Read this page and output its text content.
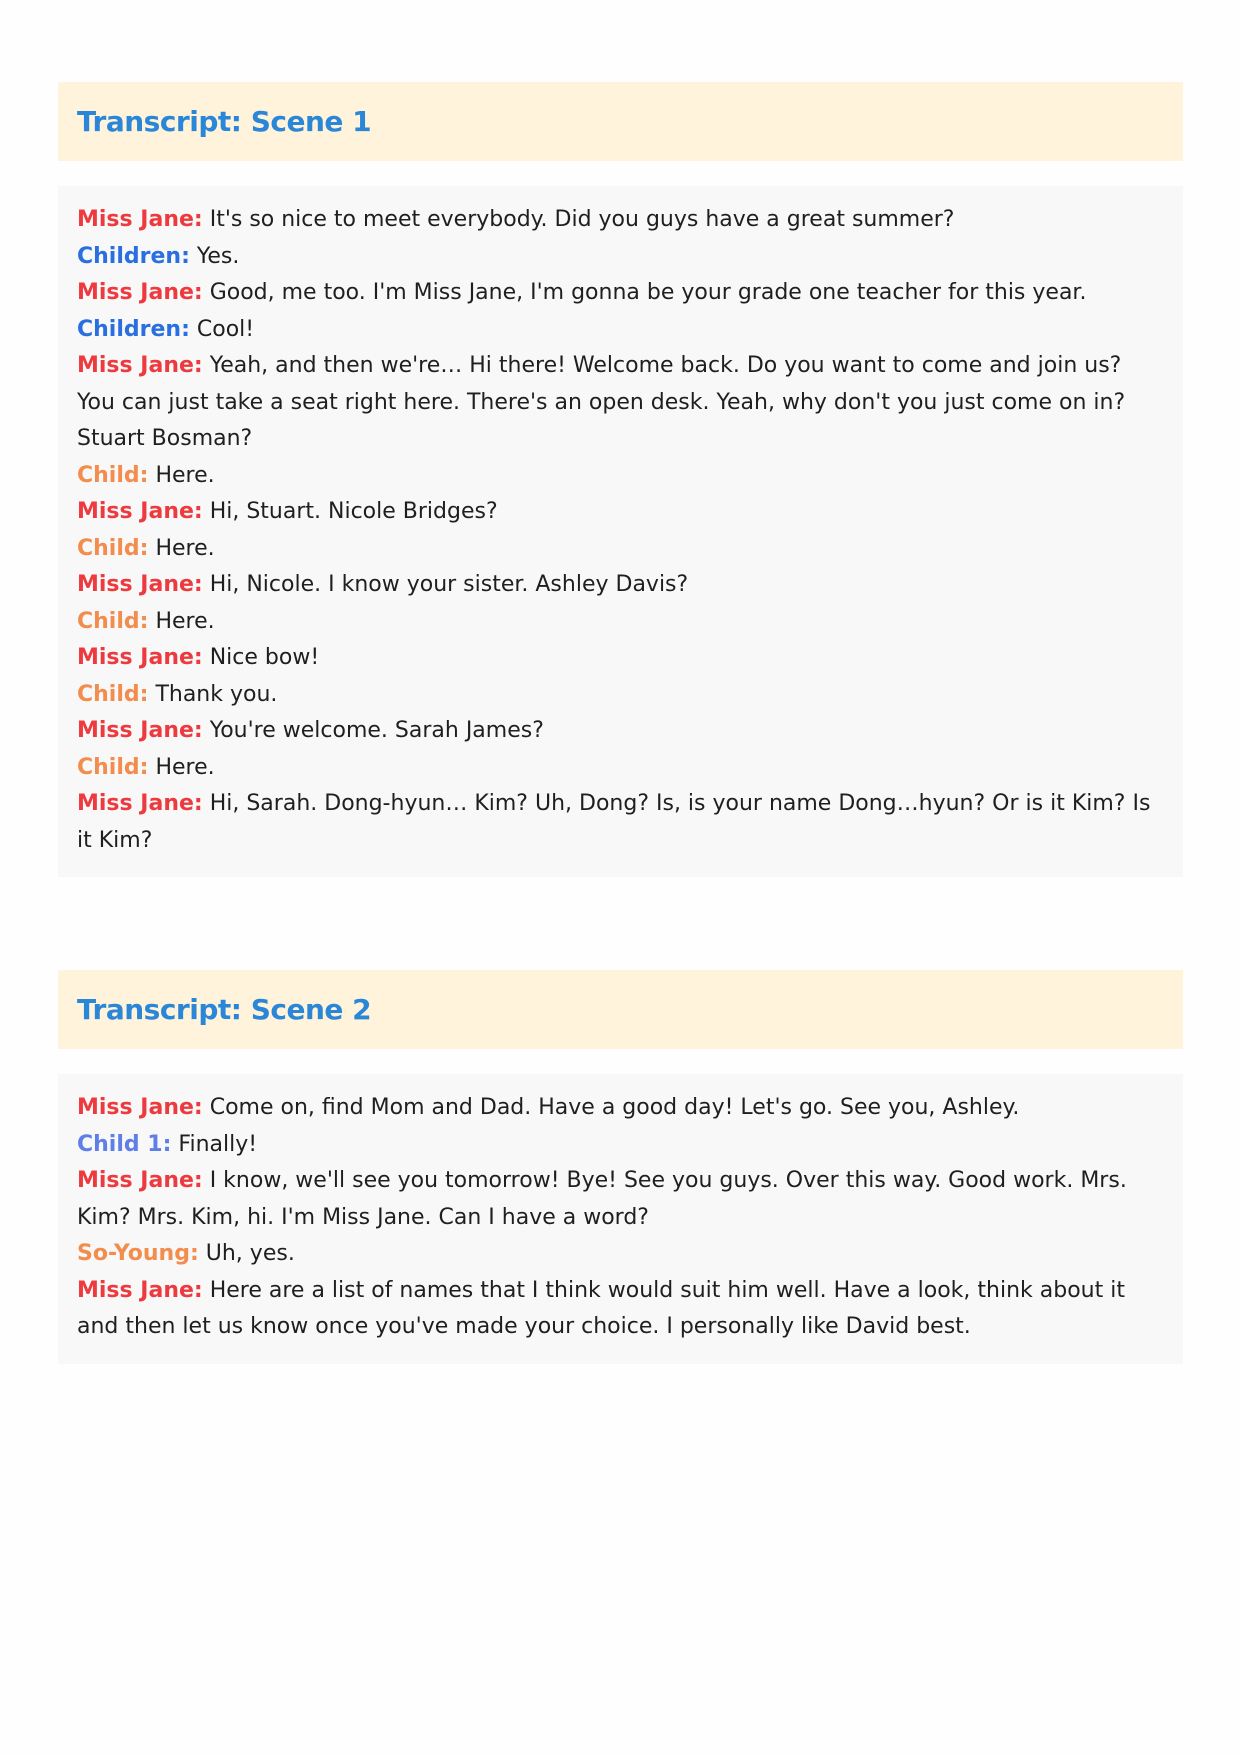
Transcript: Scene 1

Miss Jane: It's so nice to meet everybody. Did you guys have a great summer?

Children: Yes.

Miss Jane: Good, me too. I'm Miss Jane, I'm gonna be your grade one teacher for this year.

Children: Cool!

Miss Jane: Yeah, and then we're… Hi there! Welcome back. Do you want to come and join us? You can just take a seat right here. There's an open desk. Yeah, why don't you just come on in? Stuart Bosman?

Child: Here.

Miss Jane: Hi, Stuart. Nicole Bridges?

Child: Here.

Miss Jane: Hi, Nicole. I know your sister. Ashley Davis?

Child: Here.

Miss Jane: Nice bow!

Child: Thank you.

Miss Jane: You're welcome. Sarah James?

Child: Here.

Miss Jane: Hi, Sarah. Dong-hyun… Kim? Uh, Dong? Is, is your name Dong…hyun? Or is it Kim? Is it Kim?

Transcript: Scene 2

Miss Jane: Come on, find Mom and Dad. Have a good day! Let's go. See you, Ashley.

Child 1: Finally!

Miss Jane: I know, we'll see you tomorrow! Bye! See you guys. Over this way. Good work. Mrs. Kim? Mrs. Kim, hi. I'm Miss Jane. Can I have a word?

So-Young: Uh, yes.

Miss Jane: Here are a list of names that I think would suit him well. Have a look, think about it and then let us know once you've made your choice. I personally like David best.
